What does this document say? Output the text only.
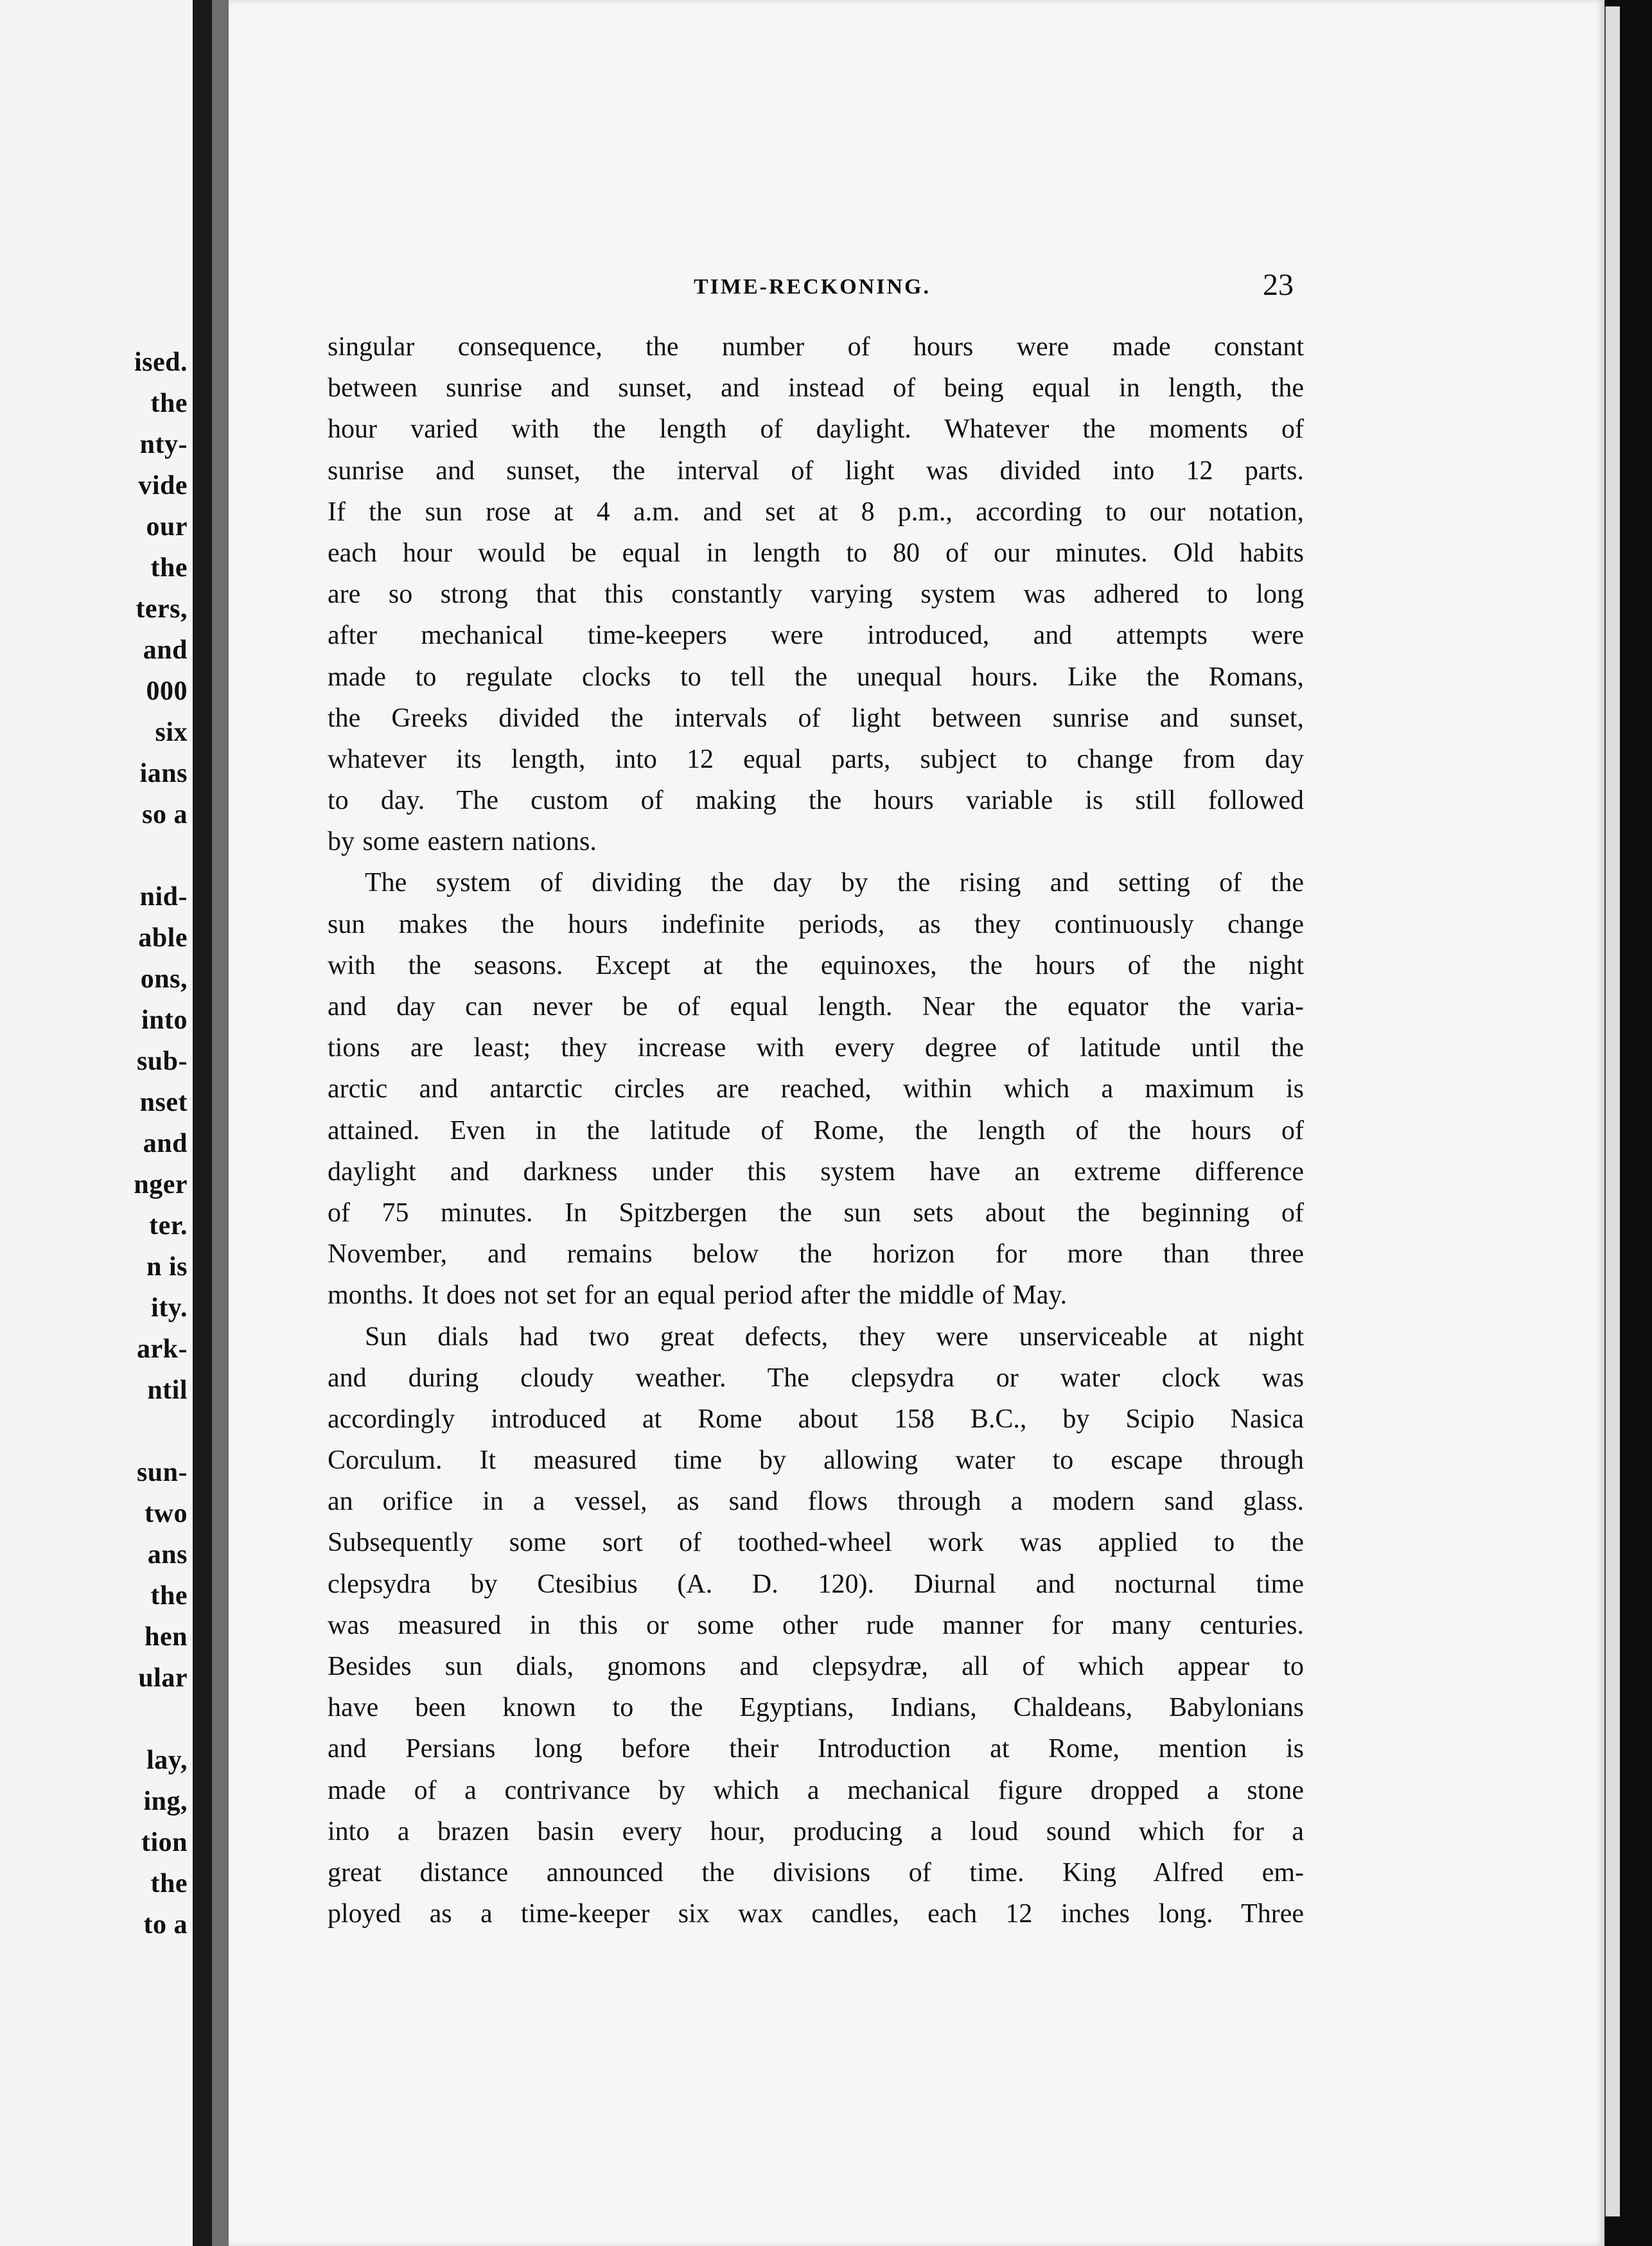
ised.
the
nty-
vide
our
the
ters,
and
000
six
ians
so a
nid-
able
ons,
into
sub-
nset
and
nger
ter.
n is
ity.
ark-
ntil
sun-
two
ans
the
hen
ular
lay,
ing,
tion
the
to a
TIME-RECKONING.	23
singular consequence, the number of hours were made constant
between sunrise and sunset, and instead of being equal in length, the
hour varied with the length of daylight. Whatever the moments of
sunrise and sunset, the interval of light was divided into 12 parts.
If the sun rose at 4 a.m. and set at 8 p.m., according to our notation,
each hour would be equal in length to 80 of our minutes. Old habits
are so strong that this constantly varying system was adhered to long
after mechanical time-keepers were introduced, and attempts were
made to regulate clocks to tell the unequal hours. Like the Romans,
the Greeks divided the intervals of light between sunrise and sunset,
whatever its length, into 12 equal parts, subject to change from day
to day. The custom of making the hours variable is still followed
by some eastern nations.
The system of dividing the day by the rising and setting of the
sun makes the hours indefinite periods, as they continuously change
with the seasons. Except at the equinoxes, the hours of the night
and day can never be of equal length. Near the equator the varia-
tions are least; they increase with every degree of latitude until the
arctic and antarctic circles are reached, within which a maximum is
attained. Even in the latitude of Rome, the length of the hours of
daylight and darkness under this system have an extreme difference
of 75 minutes. In Spitzbergen the sun sets about the beginning of
November, and remains below the horizon for more than three
months. It does not set for an equal period after the middle of May.
Sun dials had two great defects, they were unserviceable at night
and during cloudy weather. The clepsydra or water clock was
accordingly introduced at Rome about 158 B.C., by Scipio Nasica
Corculum. It measured time by allowing water to escape through
an orifice in a vessel, as sand flows through a modern sand glass.
Subsequently some sort of toothed-wheel work was applied to the
clepsydra by Ctesibius (A. D. 120). Diurnal and nocturnal time
was measured in this or some other rude manner for many centuries.
Besides sun dials, gnomons and clepsydræ, all of which appear to
have been known to the Egyptians, Indians, Chaldeans, Babylonians
and Persians long before their Introduction at Rome, mention is
made of a contrivance by which a mechanical figure dropped a stone
into a brazen basin every hour, producing a loud sound which for a
great distance announced the divisions of time. King Alfred em-
ployed as a time-keeper six wax candles, each 12 inches long. Three
